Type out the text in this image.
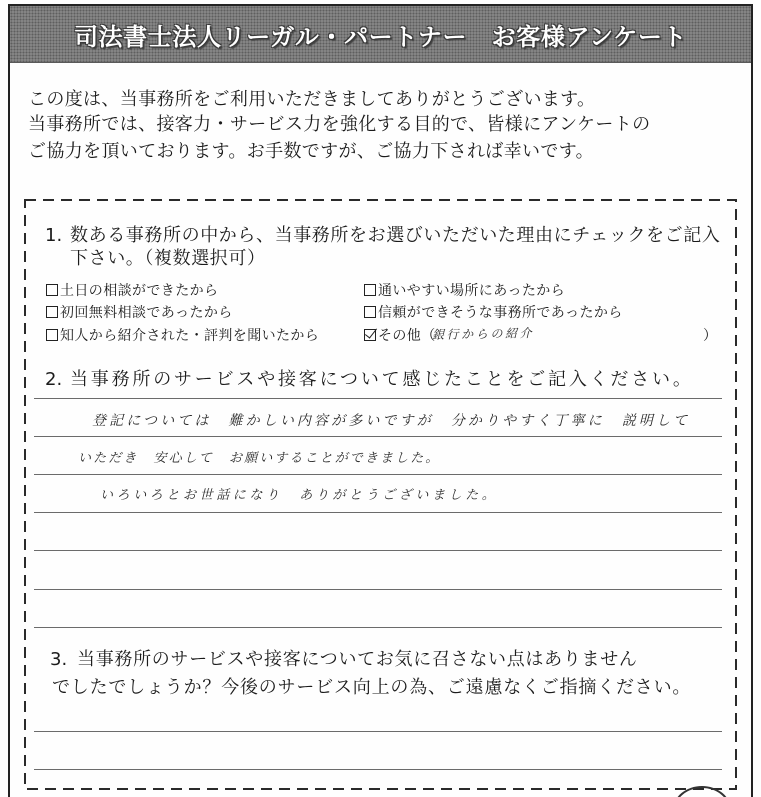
司法書士法人リーガル・パートナー　お客様アンケート
この度は、当事務所をご利用いただきましてありがとうございます。
当事務所では、接客力・サービス力を強化する目的で、皆様にアンケートの
ご協力を頂いております。お手数ですが、ご協力下されば幸いです。
1. 数ある事務所の中から、当事務所をお選びいただいた理由にチェックをご記入
下さい。（複数選択可）
土日の相談ができたから
初回無料相談であったから
知人から紹介された・評判を聞いたから
通いやすい場所にあったから
信頼ができそうな事務所であったから
その他（
銀行からの紹介	）
2. 当事務所のサービスや接客について感じたことをご記入ください。
登記については　難かしい内容が多いですが　分かりやすく丁寧に　説明して
いただき　安心して　お願いすることができました。
いろいろとお世話になり　ありがとうございました。
3. 当事務所のサービスや接客についてお気に召さない点はありません
でしたでしょうか？今後のサービス向上の為、ご遠慮なくご指摘ください。
